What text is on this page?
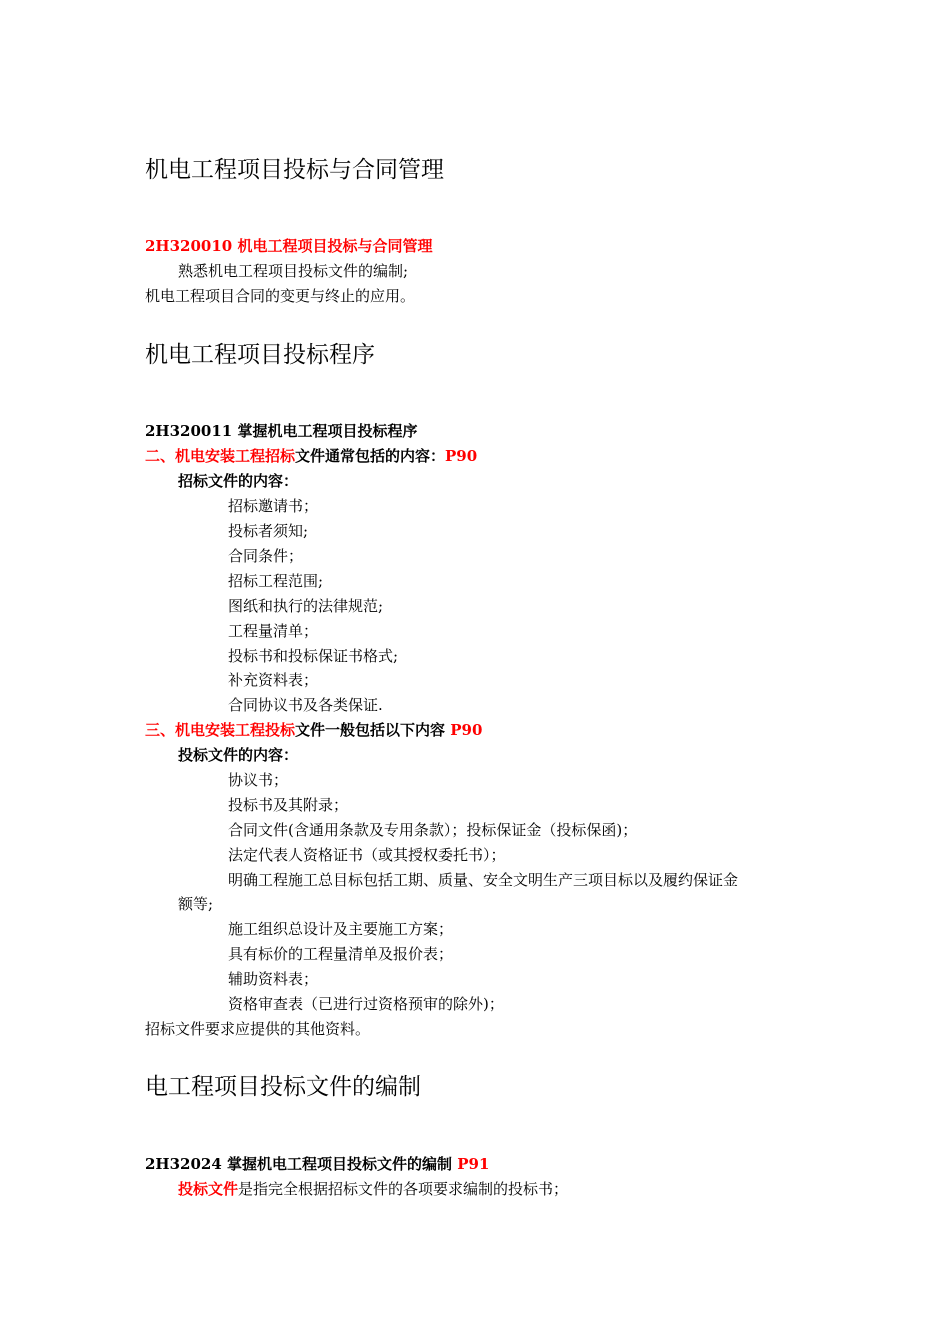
机电工程项目投标与合同管理
2H320010 机电工程项目投标与合同管理
熟悉机电工程项目投标文件的编制;
机电工程项目合同的变更与终止的应用。
机电工程项目投标程序
2H320011 掌握机电工程项目投标程序
二、机电安装工程招标文件通常包括的内容：P90
招标文件的内容：
招标邀请书；
投标者须知;
合同条件；
招标工程范围;
图纸和执行的法律规范;
工程量清单；
投标书和投标保证书格式;
补充资料表；
合同协议书及各类保证.
三、机电安装工程投标文件一般包括以下内容 P90
投标文件的内容：
协议书；
投标书及其附录；
合同文件(含通用条款及专用条款）；投标保证金（投标保函)；
法定代表人资格证书（或其授权委托书）；
明确工程施工总目标包括工期、质量、安全文明生产三项目标以及履约保证金
额等;
施工组织总设计及主要施工方案；
具有标价的工程量清单及报价表；
辅助资料表；
资格审查表（已进行过资格预审的除外)；
招标文件要求应提供的其他资料。
电工程项目投标文件的编制
2H32024 掌握机电工程项目投标文件的编制 P91
投标文件是指完全根据招标文件的各项要求编制的投标书；
